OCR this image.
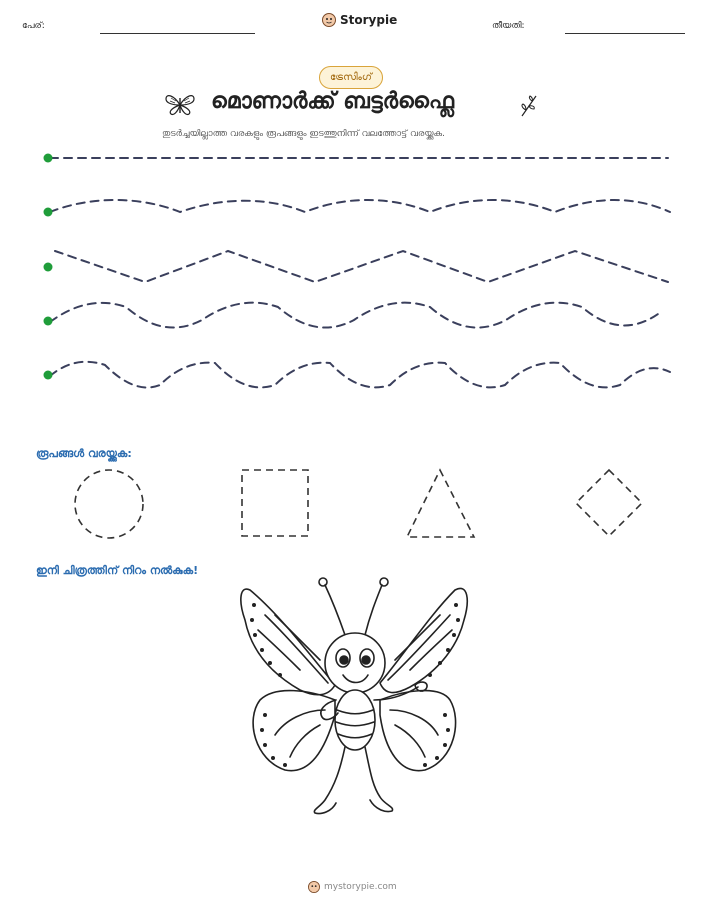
പേര്:	Storypie	തീയതി:
ട്രേസിംഗ്
മൊണാർക്ക് ബട്ടർഫ്ലൈ
തുടർച്ചയില്ലാത്ത വരകളും രൂപങ്ങളും ഇടത്തുനിന്ന് വലത്തോട്ട് വരയ്ക്കുക.
രൂപങ്ങൾ വരയ്ക്കുക:
ഇനി ചിത്രത്തിന് നിറം നൽകുക!
mystorypie.com
